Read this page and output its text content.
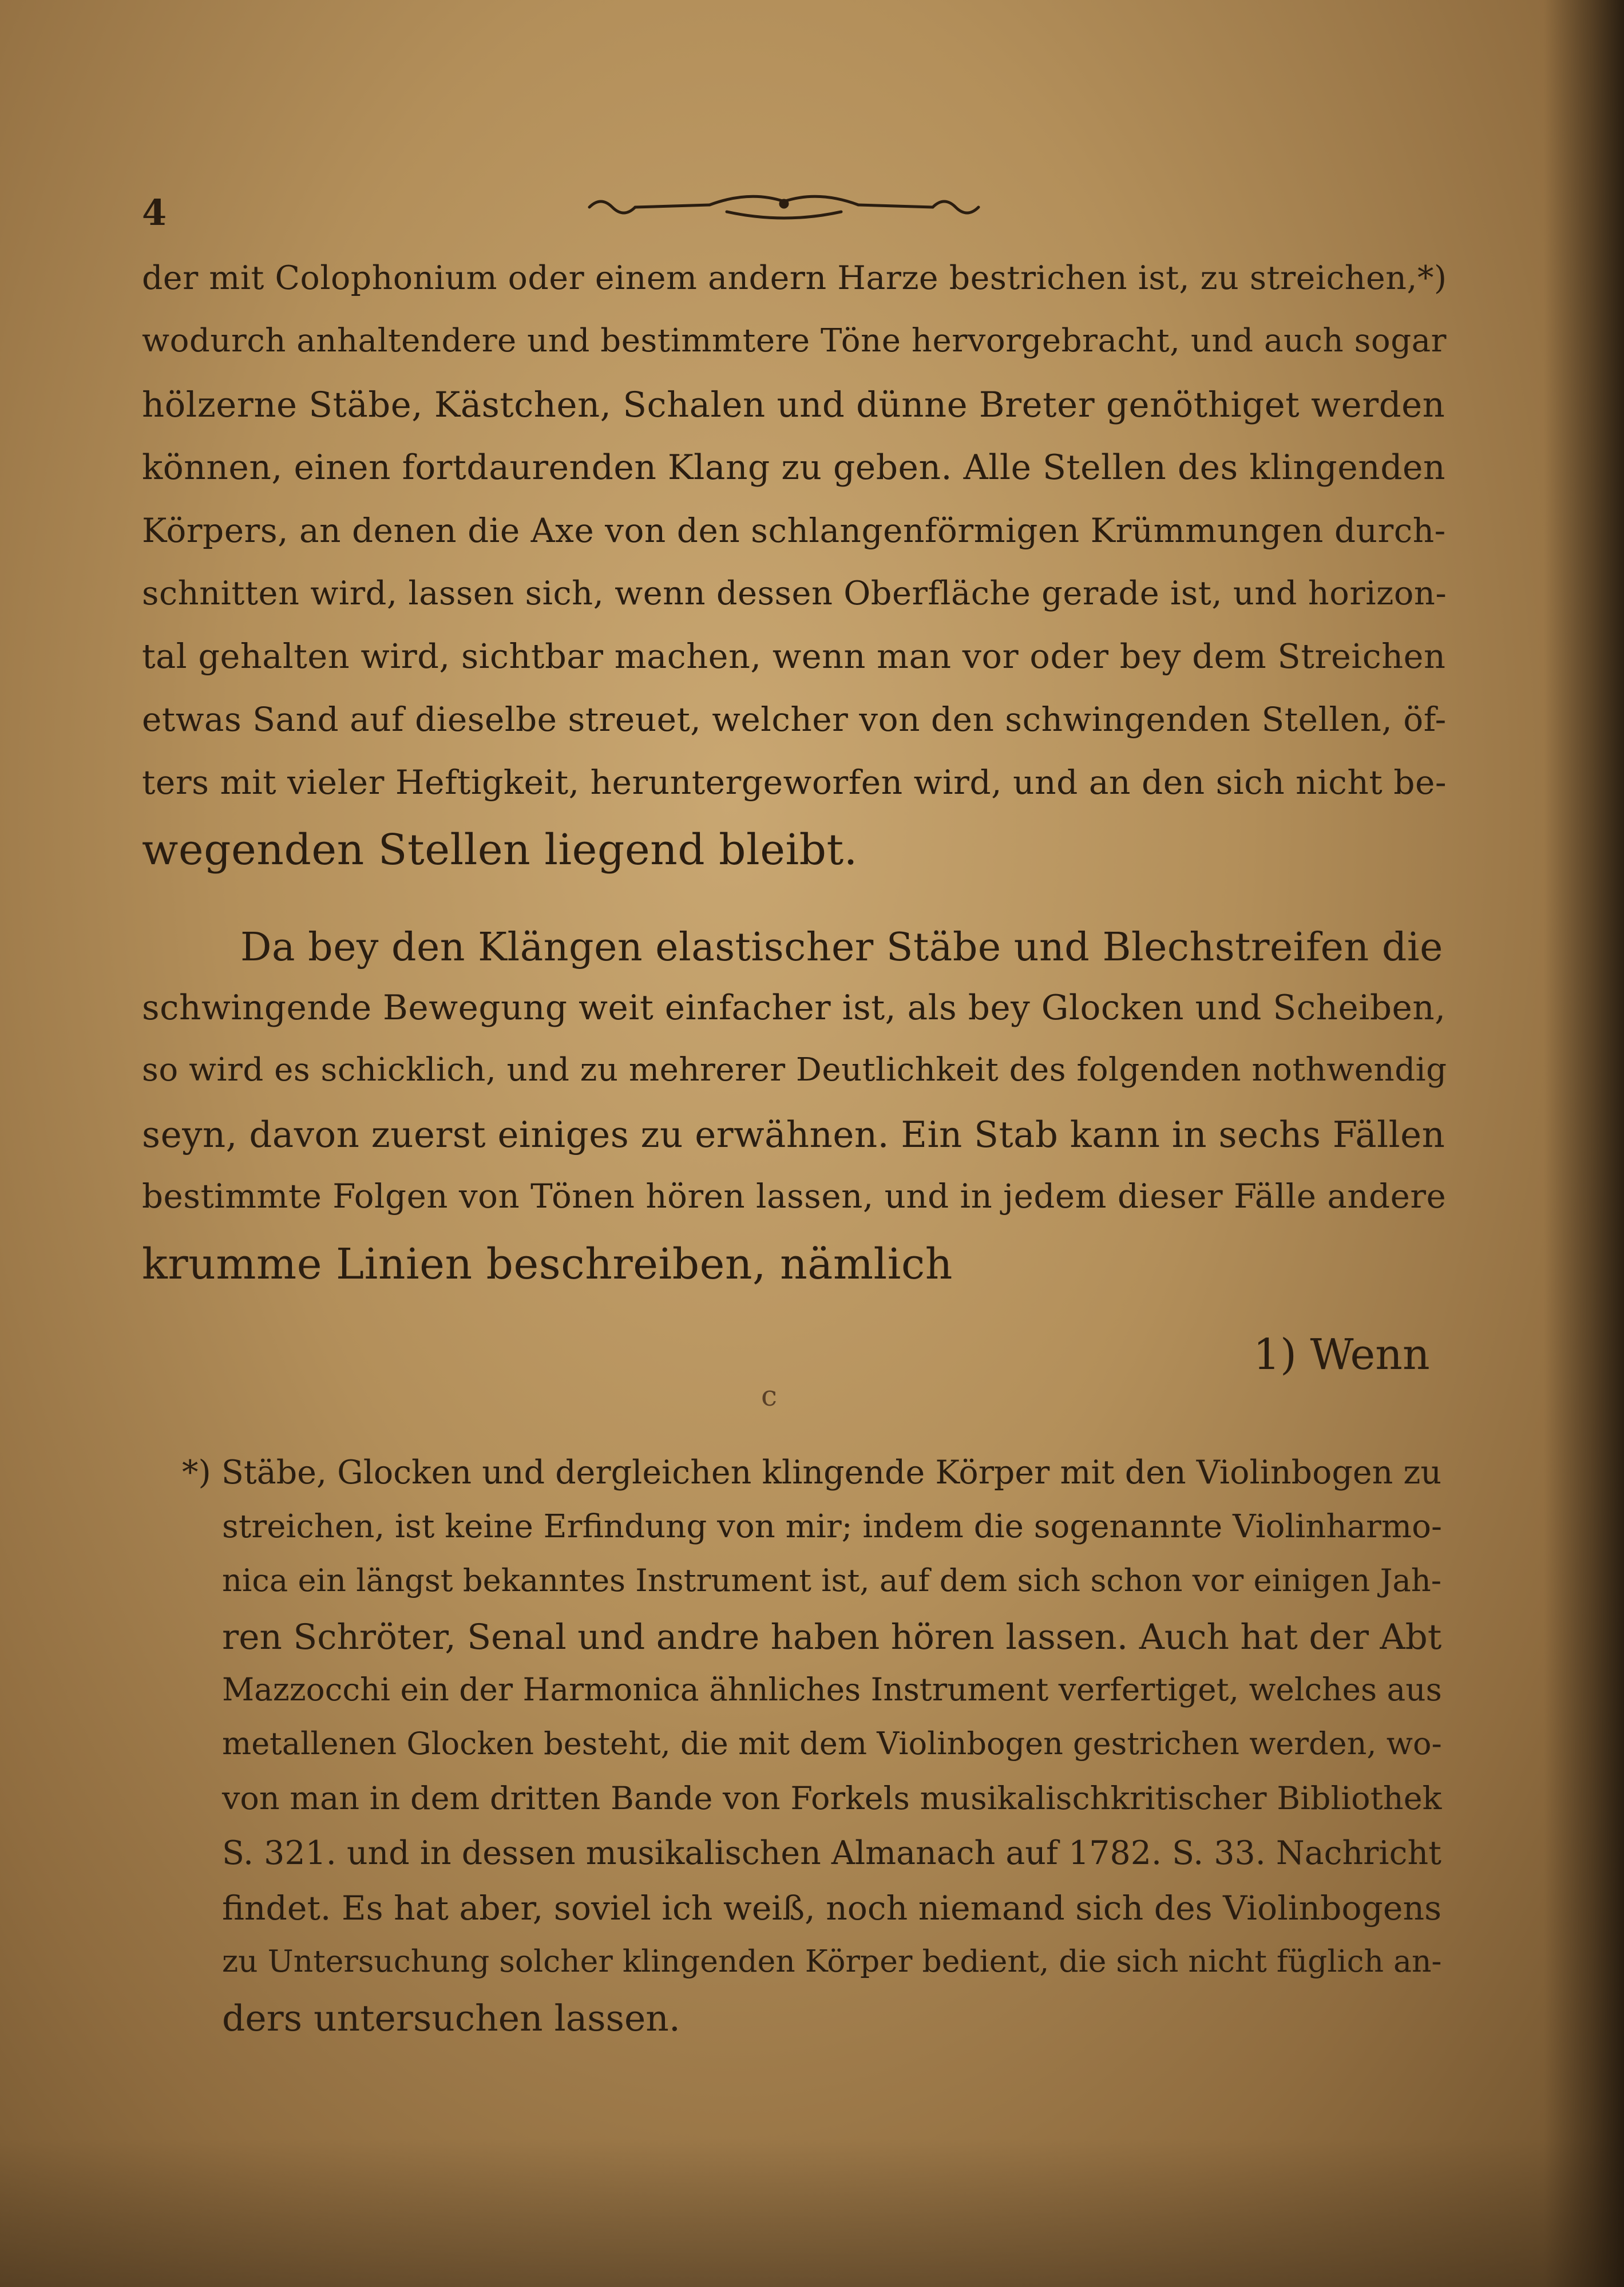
4
der mit Colophonium oder einem andern Harze bestrichen ist, zu streichen,*)
wodurch anhaltendere und bestimmtere Töne hervorgebracht, und auch sogar
hölzerne Stäbe, Kästchen, Schalen und dünne Breter genöthiget werden
können, einen fortdaurenden Klang zu geben. Alle Stellen des klingenden
Körpers, an denen die Axe von den schlangenförmigen Krümmungen durch-
schnitten wird, lassen sich, wenn dessen Oberfläche gerade ist, und horizon-
tal gehalten wird, sichtbar machen, wenn man vor oder bey dem Streichen
etwas Sand auf dieselbe streuet, welcher von den schwingenden Stellen, öf-
ters mit vieler Heftigkeit, heruntergeworfen wird, und an den sich nicht be-
wegenden Stellen liegend bleibt.
Da bey den Klängen elastischer Stäbe und Blechstreifen die
schwingende Bewegung weit einfacher ist, als bey Glocken und Scheiben,
so wird es schicklich, und zu mehrerer Deutlichkeit des folgenden nothwendig
seyn, davon zuerst einiges zu erwähnen. Ein Stab kann in sechs Fällen
bestimmte Folgen von Tönen hören lassen, und in jedem dieser Fälle andere
krumme Linien beschreiben, nämlich
1) Wenn
c
*) Stäbe, Glocken und dergleichen klingende Körper mit den Violinbogen zu
streichen, ist keine Erfindung von mir; indem die sogenannte Violinharmo-
nica ein längst bekanntes Instrument ist, auf dem sich schon vor einigen Jah-
ren Schröter, Senal und andre haben hören lassen. Auch hat der Abt
Mazzocchi ein der Harmonica ähnliches Instrument verfertiget, welches aus
metallenen Glocken besteht, die mit dem Violinbogen gestrichen werden, wo-
von man in dem dritten Bande von Forkels musikalischkritischer Bibliothek
S. 321. und in dessen musikalischen Almanach auf 1782. S. 33. Nachricht
findet. Es hat aber, soviel ich weiß, noch niemand sich des Violinbogens
zu Untersuchung solcher klingenden Körper bedient, die sich nicht füglich an-
ders untersuchen lassen.
